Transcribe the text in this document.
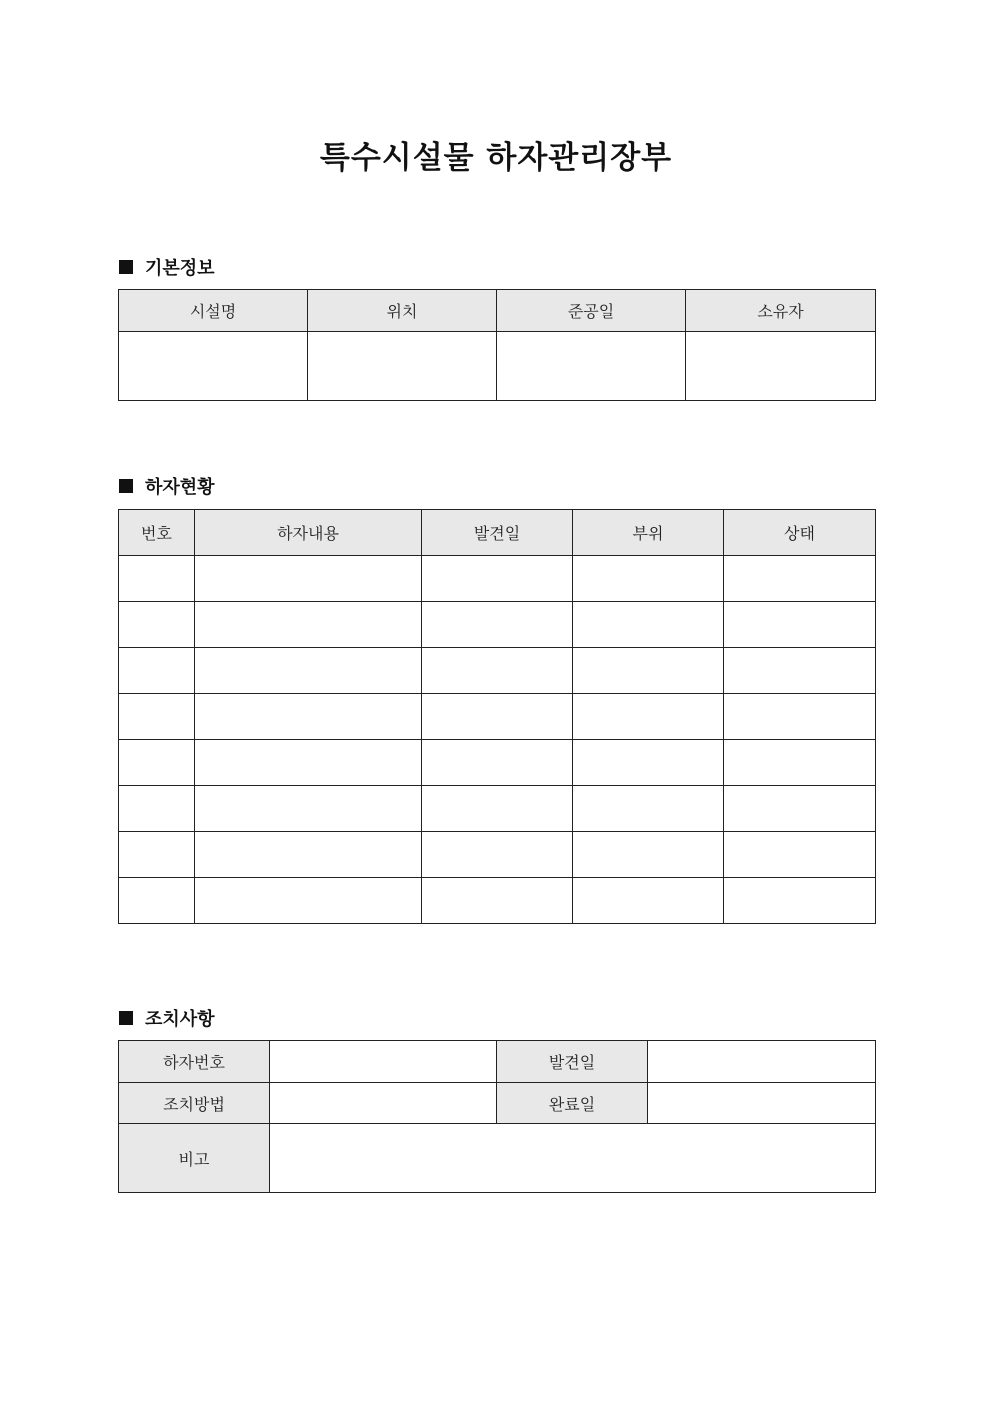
특수시설물 하자관리장부
기본정보
시설명	위치	준공일	소유자

하자현황
번호	하자내용	발견일	부위	상태

조치사항
하자번호		발견일	
조치방법		완료일	
비고			
